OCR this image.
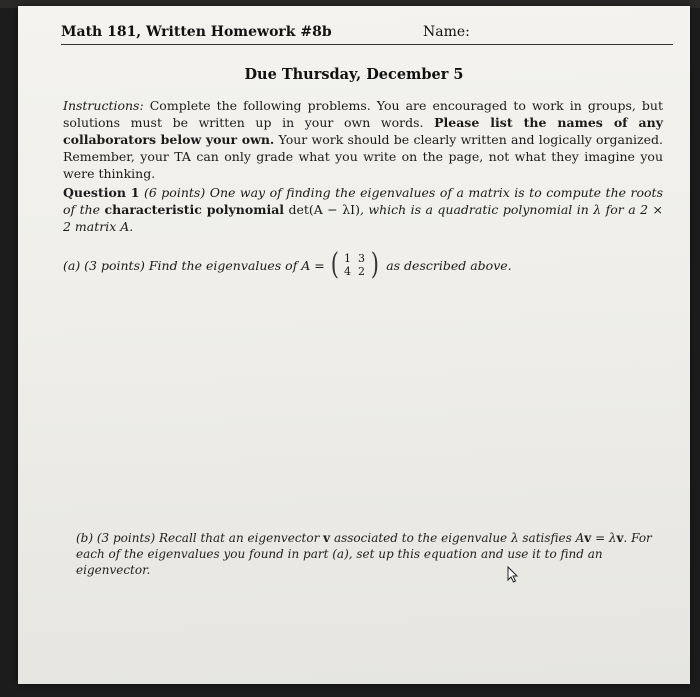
Math 181, Written Homework #8b	Name:
Due Thursday, December 5
Instructions: Complete the following problems. You are encouraged to work in groups, but solutions must be written up in your own words. Please list the names of any collaborators below your own. Your work should be clearly written and logically organized. Remember, your TA can only grade what you write on the page, not what they imagine you were thinking.
Question 1 (6 points) One way of finding the eigenvalues of a matrix is to compute the roots of the characteristic polynomial det(A − λI), which is a quadratic polynomial in λ for a 2 × 2 matrix A.
(a) (3 points) Find the eigenvalues of A = ( 1 3
4 2 ) as described above.
(b) (3 points) Recall that an eigenvector v associated to the eigenvalue λ satisfies Av = λv. For each of the eigenvalues you found in part (a), set up this equation and use it to find an eigenvector.
